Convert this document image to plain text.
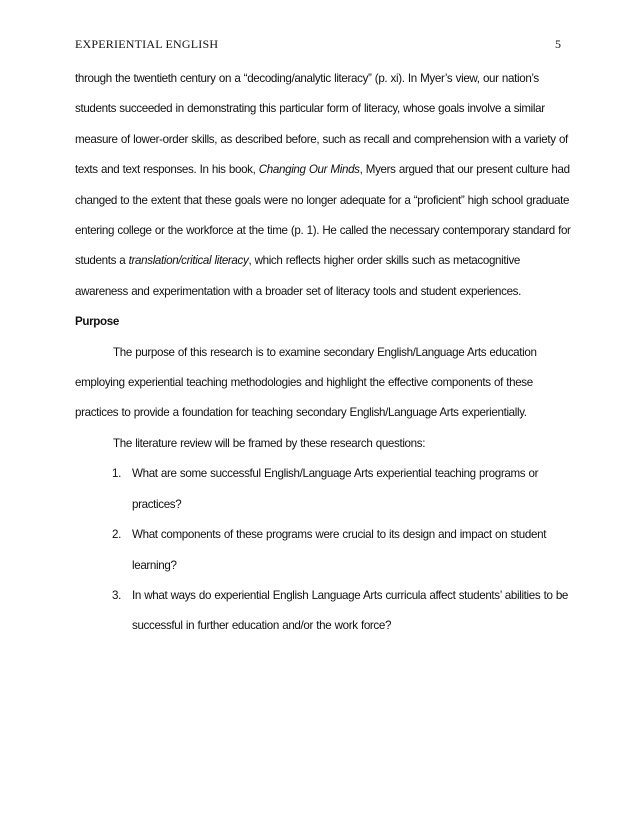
EXPERIENTIAL ENGLISH	5

through the twentieth century on a “decoding/analytic literacy” (p. xi). In Myer’s view, our nation’s students succeeded in demonstrating this particular form of literacy, whose goals involve a similar measure of lower-order skills, as described before, such as recall and comprehension with a variety of texts and text responses. In his book, Changing Our Minds, Myers argued that our present culture had changed to the extent that these goals were no longer adequate for a “proficient” high school graduate entering college or the workforce at the time (p. 1). He called the necessary contemporary standard for students a translation/critical literacy, which reflects higher order skills such as metacognitive awareness and experimentation with a broader set of literacy tools and student experiences.

Purpose

The purpose of this research is to examine secondary English/Language Arts education employing experiential teaching methodologies and highlight the effective components of these practices to provide a foundation for teaching secondary English/Language Arts experientially.

The literature review will be framed by these research questions:

1. What are some successful English/Language Arts experiential teaching programs or practices?
2. What components of these programs were crucial to its design and impact on student learning?
3. In what ways do experiential English Language Arts curricula affect students’ abilities to be successful in further education and/or the work force?
